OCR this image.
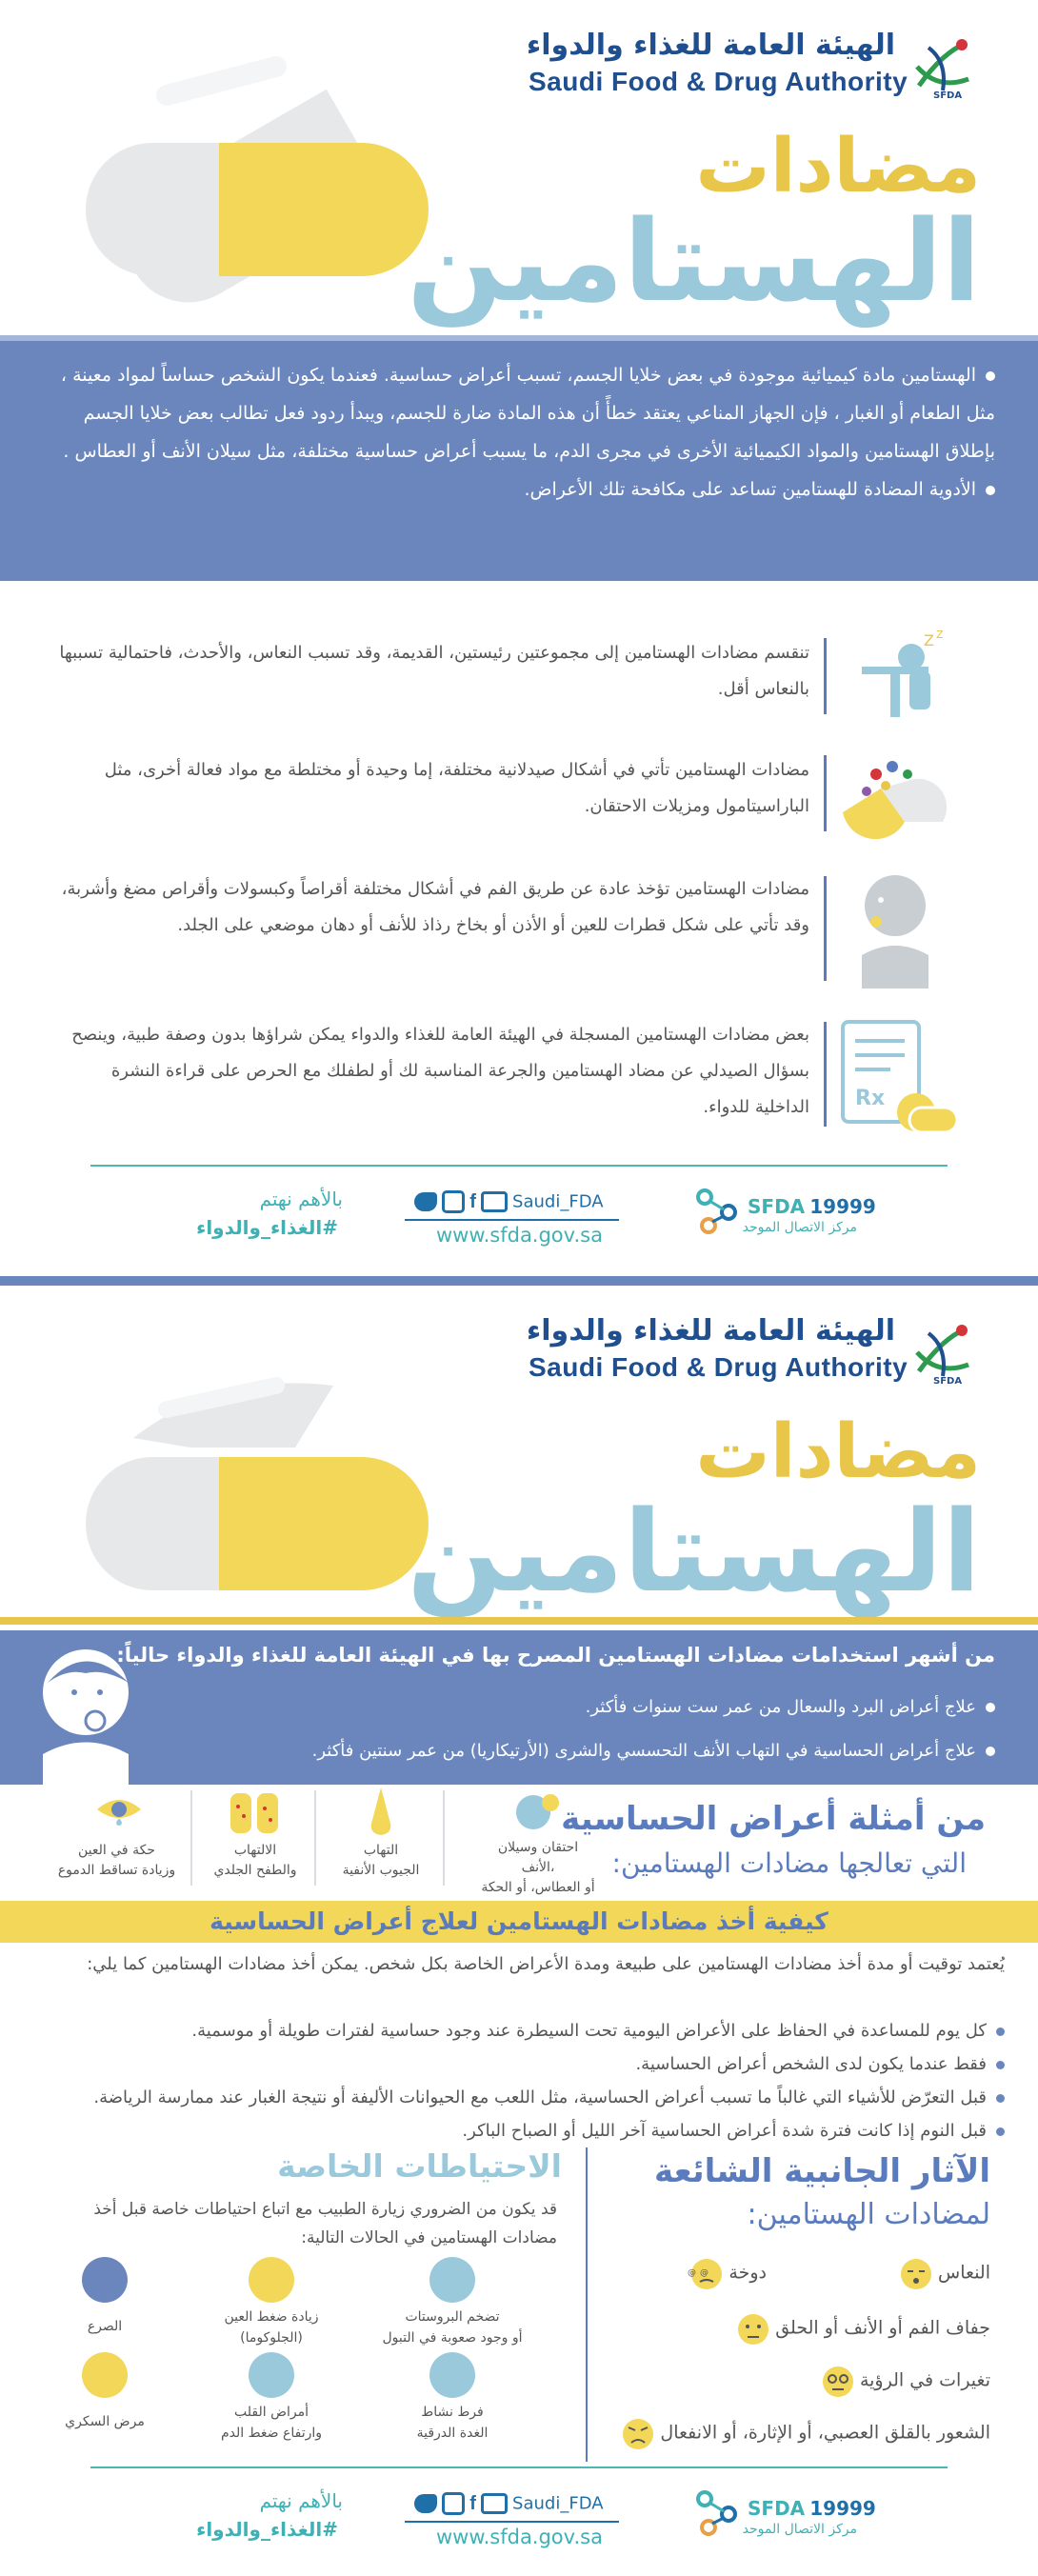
الهيئة العامة للغذاء والدواء
Saudi Food & Drug Authority	SFDA
مضادات
الهستامين
الهستامين مادة كيميائية موجودة في بعض خلايا الجسم، تسبب أعراض حساسية. فعندما يكون الشخص حساساً لمواد معينة ، مثل الطعام أو الغبار ، فإن الجهاز المناعي يعتقد خطأً أن هذه المادة ضارة للجسم، ويبدأ ردود فعل تطالب بعض خلايا الجسم بإطلاق الهستامين والمواد الكيميائية الأخرى في مجرى الدم، ما يسبب أعراض حساسية مختلفة، مثل سيلان الأنف أو العطاس .
الأدوية المضادة للهستامين تساعد على مكافحة تلك الأعراض.
Z Z
تنقسم مضادات الهستامين إلى مجموعتين رئيستين، القديمة، وقد تسبب النعاس، والأحدث، فاحتمالية تسببها بالنعاس أقل.
مضادات الهستامين تأتي في أشكال صيدلانية مختلفة، إما وحيدة أو مختلطة مع مواد فعالة أخرى، مثل الباراسيتامول ومزيلات الاحتقان.
مضادات الهستامين تؤخذ عادة عن طريق الفم في أشكال مختلفة أقراصاً وكبسولات وأقراص مضغ وأشربة، وقد تأتي على شكل قطرات للعين أو الأذن أو بخاخ رذاذ للأنف أو دهان موضعي على الجلد.
Rx
بعض مضادات الهستامين المسجلة في الهيئة العامة للغذاء والدواء يمكن شراؤها بدون وصفة طبية، وينصح بسؤال الصيدلي عن مضاد الهستامين والجرعة المناسبة لك أو لطفلك مع الحرص على قراءة النشرة الداخلية للدواء.
بالأهم نهتم
#الغذاء_والدواء
f Saudi_FDA
www.sfda.gov.sa
SFDA 19999
مركز الاتصال الموحد
الهيئة العامة للغذاء والدواء
Saudi Food & Drug Authority	SFDA
مضادات
الهستامين
من أشهر استخدامات مضادات الهستامين المصرح بها في الهيئة العامة للغذاء والدواء حالياً:
علاج أعراض البرد والسعال من عمر ست سنوات فأكثر.
علاج أعراض الحساسية في التهاب الأنف التحسسي والشرى (الأرتيكاريا) من عمر سنتين فأكثر.
من أمثلة أعراض الحساسية
التي تعالجها مضادات الهستامين:
احتقان وسيلان الأنف،
أو العطاس، أو الحكة
التهاب
الجيوب الأنفية
الالتهاب
والطفح الجلدي
حكة في العين
وزيادة تساقط الدموع
كيفية أخذ مضادات الهستامين لعلاج أعراض الحساسية
يُعتمد توقيت أو مدة أخذ مضادات الهستامين على طبيعة ومدة الأعراض الخاصة بكل شخص. يمكن أخذ مضادات الهستامين كما يلي:
كل يوم للمساعدة في الحفاظ على الأعراض اليومية تحت السيطرة عند وجود حساسية لفترات طويلة أو موسمية.
فقط عندما يكون لدى الشخص أعراض الحساسية.
قبل التعرّض للأشياء التي غالباً ما تسبب أعراض الحساسية، مثل اللعب مع الحيوانات الأليفة أو نتيجة الغبار عند ممارسة الرياضة.
قبل النوم إذا كانت فترة شدة أعراض الحساسية آخر الليل أو الصباح الباكر.
الآثار الجانبية الشائعة
لمضادات الهستامين:
النعاس
دوخة
@ @
جفاف الفم أو الأنف أو الحلق
تغيرات في الرؤية
الشعور بالقلق العصبي، أو الإثارة، أو الانفعال
الاحتياطات الخاصة
قد يكون من الضروري زيارة الطبيب مع اتباع احتياطات خاصة قبل أخذ مضادات الهستامين في الحالات التالية:
تضخم البروستات
أو وجود صعوبة في التبول
زيادة ضغط العين
(الجلوكوما)
الصرع
فرط نشاط
الغدة الدرقية
أمراض القلب
وارتفاع ضغط الدم
مرض السكري
بالأهم نهتم
#الغذاء_والدواء
f Saudi_FDA
www.sfda.gov.sa
SFDA 19999
مركز الاتصال الموحد
